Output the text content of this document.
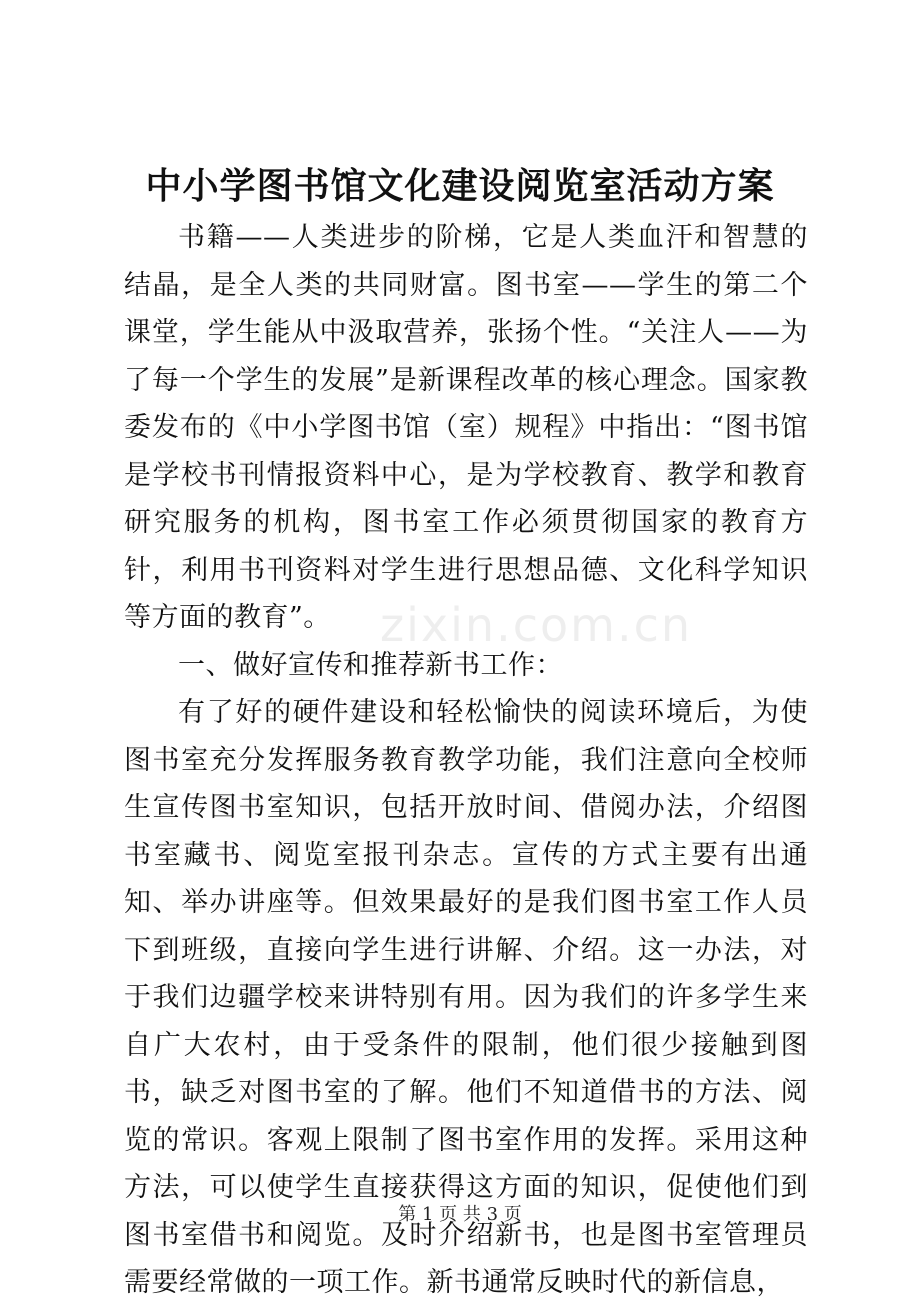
中小学图书馆文化建设阅览室活动方案

书籍——人类进步的阶梯，它是人类血汗和智慧的结晶，是全人类的共同财富。图书室——学生的第二个课堂，学生能从中汲取营养，张扬个性。“关注人——为了每一个学生的发展”是新课程改革的核心理念。国家教委发布的《中小学图书馆（室）规程》中指出：“图书馆是学校书刊情报资料中心，是为学校教育、教学和教育研究服务的机构，图书室工作必须贯彻国家的教育方针，利用书刊资料对学生进行思想品德、文化科学知识等方面的教育”。

一、做好宣传和推荐新书工作：

有了好的硬件建设和轻松愉快的阅读环境后，为使图书室充分发挥服务教育教学功能，我们注意向全校师生宣传图书室知识，包括开放时间、借阅办法，介绍图书室藏书、阅览室报刊杂志。宣传的方式主要有出通知、举办讲座等。但效果最好的是我们图书室工作人员下到班级，直接向学生进行讲解、介绍。这一办法，对于我们边疆学校来讲特别有用。因为我们的许多学生来自广大农村，由于受条件的限制，他们很少接触到图书，缺乏对图书室的了解。他们不知道借书的方法、阅览的常识。客观上限制了图书室作用的发挥。采用这种方法，可以使学生直接获得这方面的知识，促使他们到图书室借书和阅览。及时介绍新书，也是图书室管理员需要经常做的一项工作。新书通常反映时代的新信息，

zixin.com.cn
第 1 页 共 3 页
